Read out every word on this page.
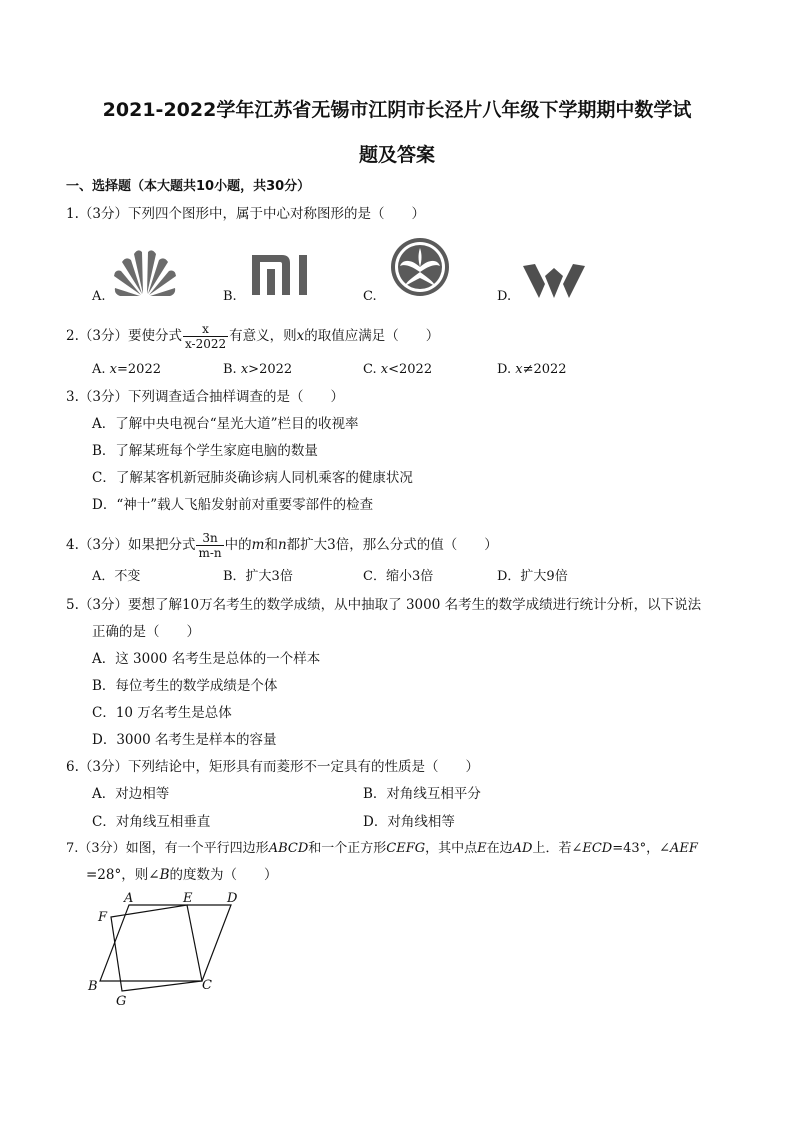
2021-2022学年江苏省无锡市江阴市长泾片八年级下学期期中数学试
题及答案
一、选择题（本大题共10小题，共30分）
1.（3分）下列四个图形中，属于中心对称图形的是（　　）
A.	B.	C.	D.
2.（3分）要使分式 $\frac{x}{x-2022}$ 有意义，则x的取值应满足（　　）
A. x=2022	B. x>2022	C. x<2022	D. x≠2022
3.（3分）下列调查适合抽样调查的是（　　）
A．了解中央电视台“星光大道”栏目的收视率
B．了解某班每个学生家庭电脑的数量
C．了解某客机新冠肺炎确诊病人同机乘客的健康状况
D．“神十”载人飞船发射前对重要零部件的检查
4.（3分）如果把分式 $\frac{3n}{m-n}$ 中的m和n都扩大3倍，那么分式的值（　　）
A．不变	B．扩大3倍	C．缩小3倍	D．扩大9倍
5.（3分）要想了解10万名考生的数学成绩，从中抽取了 3000 名考生的数学成绩进行统计分析，以下说法
正确的是（　　）
A．这 3000 名考生是总体的一个样本
B．每位考生的数学成绩是个体
C．10 万名考生是总体
D．3000 名考生是样本的容量
6.（3分）下列结论中，矩形具有而菱形不一定具有的性质是（　　）
A．对边相等	B．对角线互相平分
C．对角线互相垂直	D．对角线相等
7.（3分）如图，有一个平行四边形ABCD和一个正方形CEFG，其中点E在边AD上．若∠ECD=43°，∠AEF
=28°，则∠B的度数为（　　）
A	E	D
F
B	C
G
